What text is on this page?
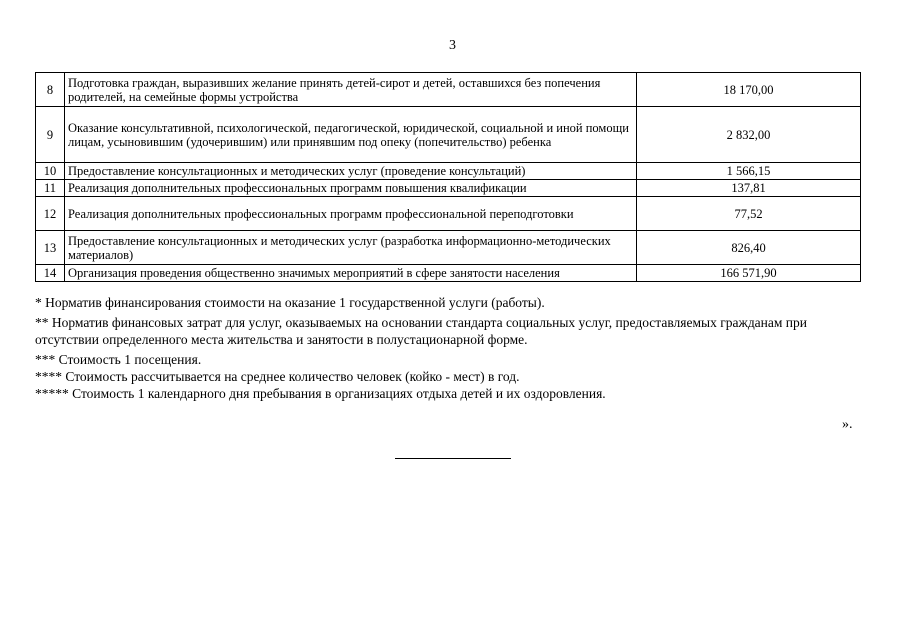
3
8	Подготовка граждан, выразивших желание принять детей-сирот и детей, оставшихся без попечения родителей, на семейные формы устройства	18 170,00
9	Оказание консультативной, психологической, педагогической, юридической, социальной и иной помощи лицам, усыновившим (удочерившим) или принявшим под опеку (попечительство) ребенка	2 832,00
10	Предоставление консультационных и методических услуг (проведение консультаций)	1 566,15
11	Реализация дополнительных профессиональных программ повышения квалификации	137,81
12	Реализация дополнительных профессиональных программ профессиональной переподготовки	77,52
13	Предоставление консультационных и методических услуг (разработка информационно-методических материалов)	826,40
14	Организация проведения общественно значимых мероприятий в сфере занятости населения	166 571,90

* Норматив финансирования стоимости на оказание 1 государственной услуги (работы).

** Норматив финансовых затрат для услуг, оказываемых на основании стандарта социальных услуг, предоставляемых гражданам при отсутствии определенного места жительства и занятости в полустационарной форме.

*** Стоимость 1 посещения.

**** Стоимость рассчитывается на среднее количество человек (койко - мест) в год.

***** Стоимость 1 календарного дня пребывания в организациях отдыха детей и их оздоровления.

».
